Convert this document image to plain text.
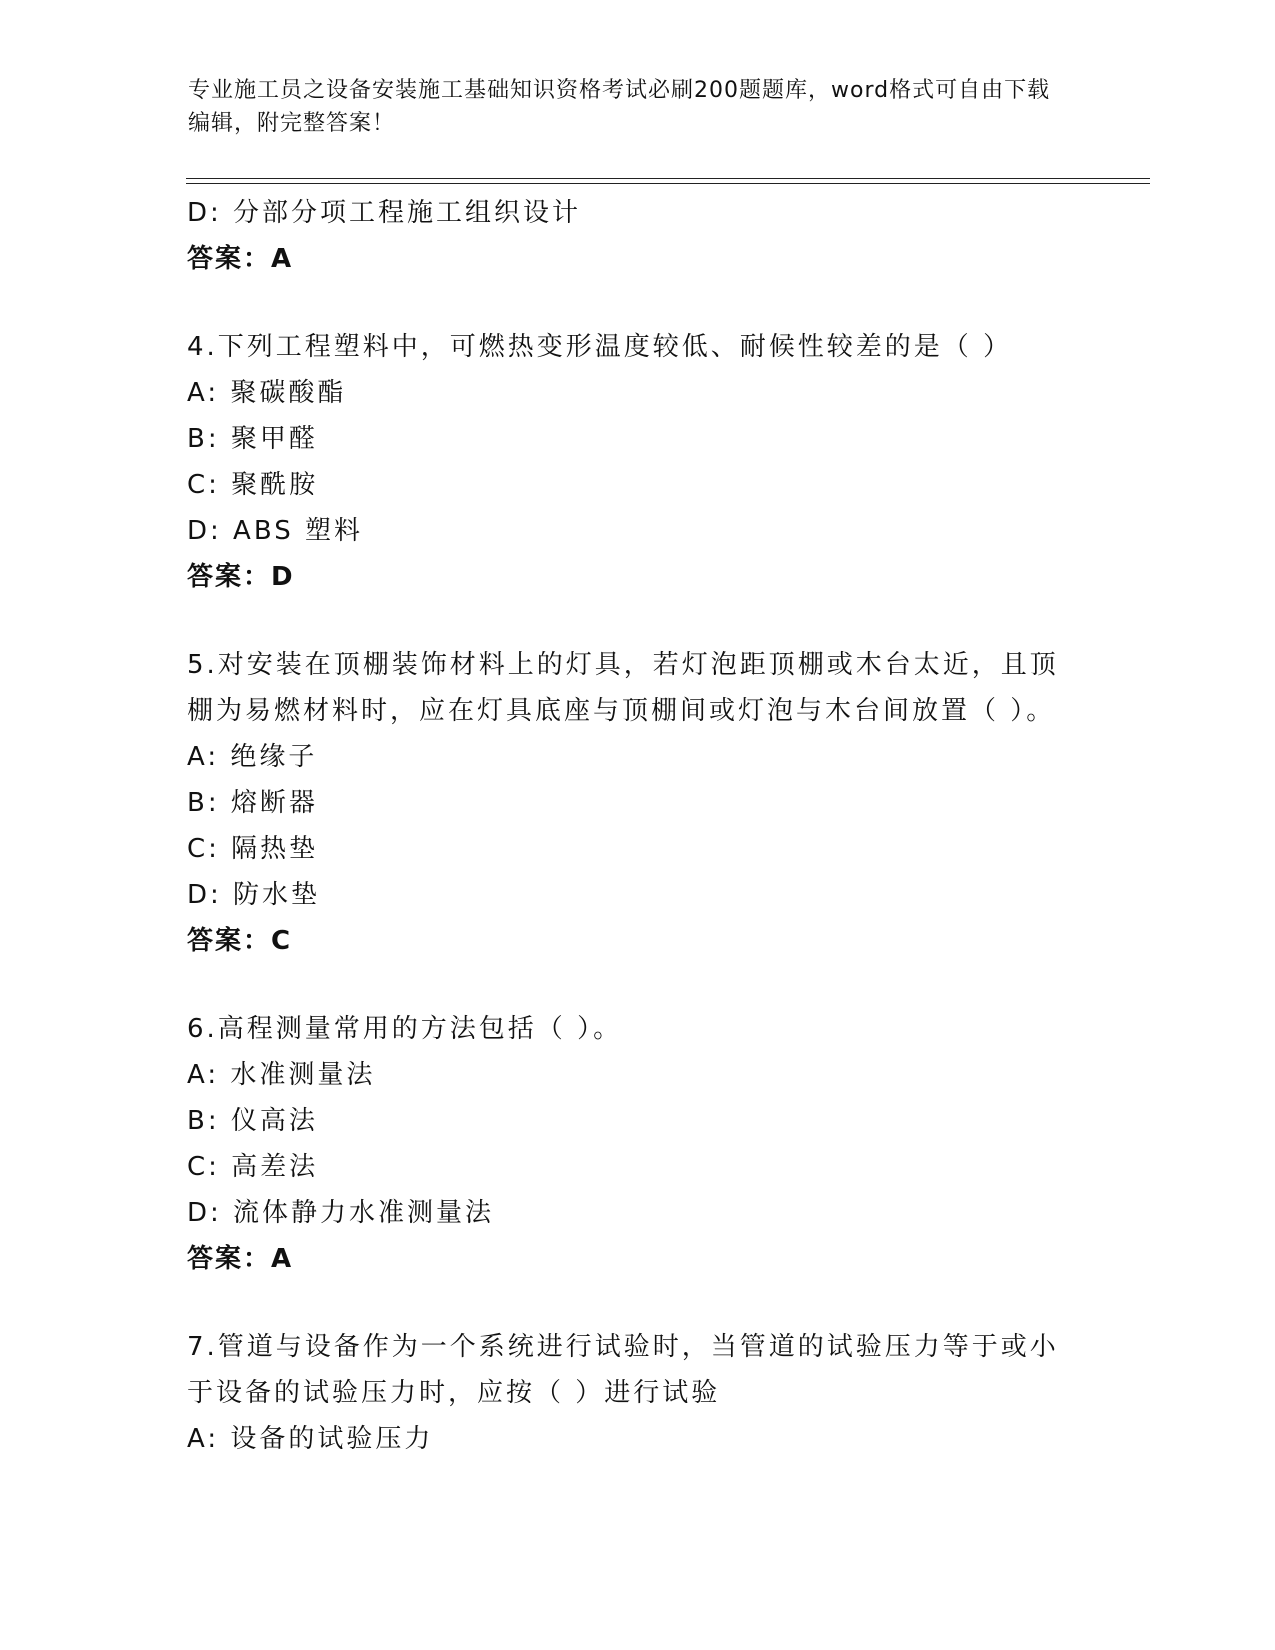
专业施工员之设备安装施工基础知识资格考试必刷200题题库，word格式可自由下载编辑，附完整答案！

D: 分部分项工程施工组织设计
答案：A

4.下列工程塑料中，可燃热变形温度较低、耐候性较差的是（ ）

A: 聚碳酸酯
B: 聚甲醛
C: 聚酰胺
D: ABS 塑料
答案：D

5.对安装在顶棚装饰材料上的灯具，若灯泡距顶棚或木台太近，且顶棚为易燃材料时，应在灯具底座与顶棚间或灯泡与木台间放置（ ）。

A: 绝缘子
B: 熔断器
C: 隔热垫
D: 防水垫
答案：C

6.高程测量常用的方法包括（ ）。

A: 水准测量法
B: 仪高法
C: 高差法
D: 流体静力水准测量法
答案：A

7.管道与设备作为一个系统进行试验时，当管道的试验压力等于或小于设备的试验压力时，应按（ ）进行试验

A: 设备的试验压力
